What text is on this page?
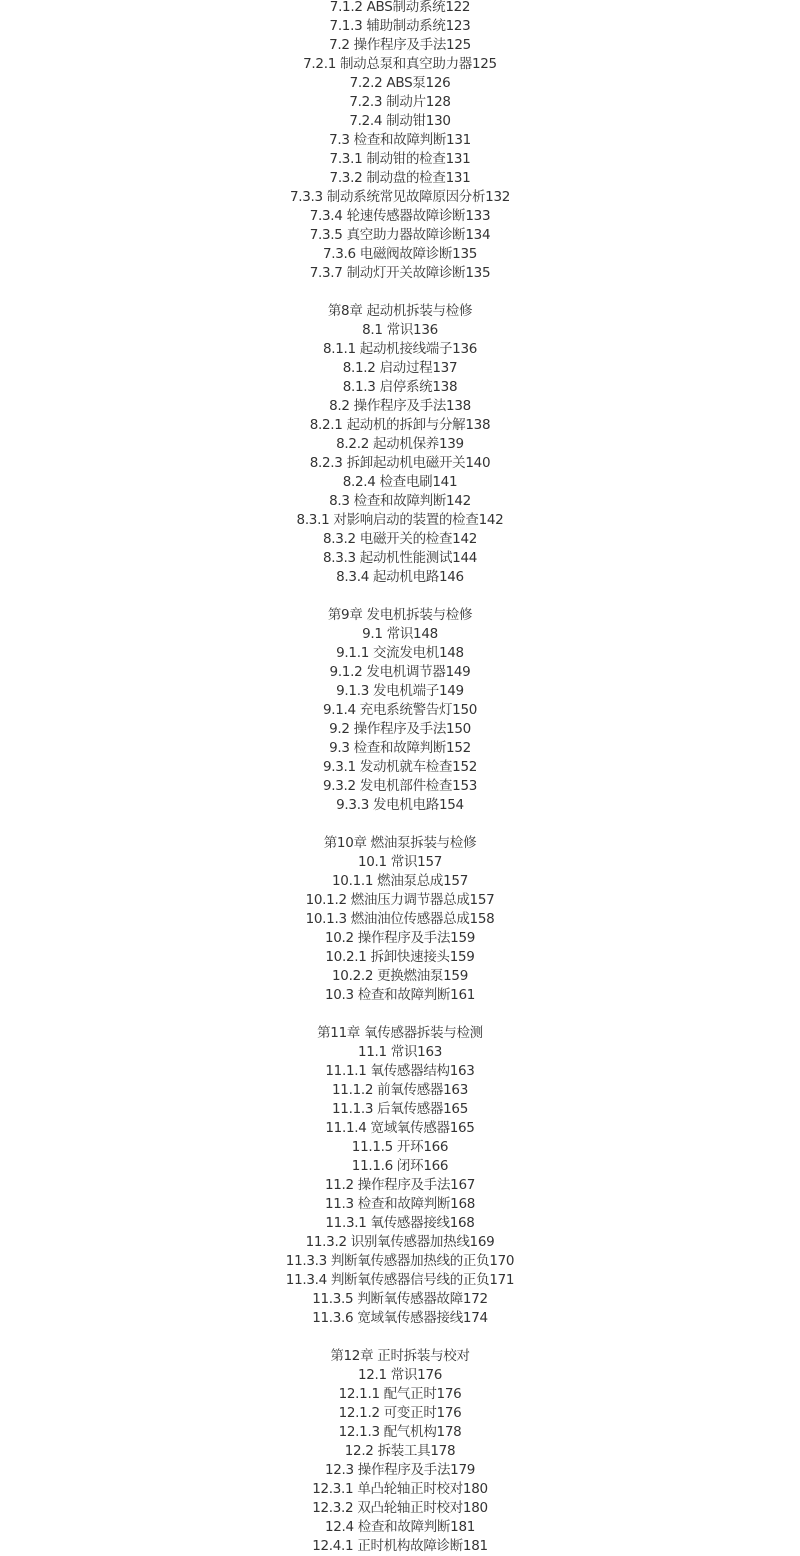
7.1.2 ABS制动系统122
7.1.3 辅助制动系统123
7.2 操作程序及手法125
7.2.1 制动总泵和真空助力器125
7.2.2 ABS泵126
7.2.3 制动片128
7.2.4 制动钳130
7.3 检查和故障判断131
7.3.1 制动钳的检查131
7.3.2 制动盘的检查131
7.3.3 制动系统常见故障原因分析132
7.3.4 轮速传感器故障诊断133
7.3.5 真空助力器故障诊断134
7.3.6 电磁阀故障诊断135
7.3.7 制动灯开关故障诊断135
第8章 起动机拆装与检修
8.1 常识136
8.1.1 起动机接线端子136
8.1.2 启动过程137
8.1.3 启停系统138
8.2 操作程序及手法138
8.2.1 起动机的拆卸与分解138
8.2.2 起动机保养139
8.2.3 拆卸起动机电磁开关140
8.2.4 检查电刷141
8.3 检查和故障判断142
8.3.1 对影响启动的装置的检查142
8.3.2 电磁开关的检查142
8.3.3 起动机性能测试144
8.3.4 起动机电路146
第9章 发电机拆装与检修
9.1 常识148
9.1.1 交流发电机148
9.1.2 发电机调节器149
9.1.3 发电机端子149
9.1.4 充电系统警告灯150
9.2 操作程序及手法150
9.3 检查和故障判断152
9.3.1 发动机就车检查152
9.3.2 发电机部件检查153
9.3.3 发电机电路154
第10章 燃油泵拆装与检修
10.1 常识157
10.1.1 燃油泵总成157
10.1.2 燃油压力调节器总成157
10.1.3 燃油油位传感器总成158
10.2 操作程序及手法159
10.2.1 拆卸快速接头159
10.2.2 更换燃油泵159
10.3 检查和故障判断161
第11章 氧传感器拆装与检测
11.1 常识163
11.1.1 氧传感器结构163
11.1.2 前氧传感器163
11.1.3 后氧传感器165
11.1.4 宽域氧传感器165
11.1.5 开环166
11.1.6 闭环166
11.2 操作程序及手法167
11.3 检查和故障判断168
11.3.1 氧传感器接线168
11.3.2 识别氧传感器加热线169
11.3.3 判断氧传感器加热线的正负170
11.3.4 判断氧传感器信号线的正负171
11.3.5 判断氧传感器故障172
11.3.6 宽域氧传感器接线174
第12章 正时拆装与校对
12.1 常识176
12.1.1 配气正时176
12.1.2 可变正时176
12.1.3 配气机构178
12.2 拆装工具178
12.3 操作程序及手法179
12.3.1 单凸轮轴正时校对180
12.3.2 双凸轮轴正时校对180
12.4 检查和故障判断181
12.4.1 正时机构故障诊断181
